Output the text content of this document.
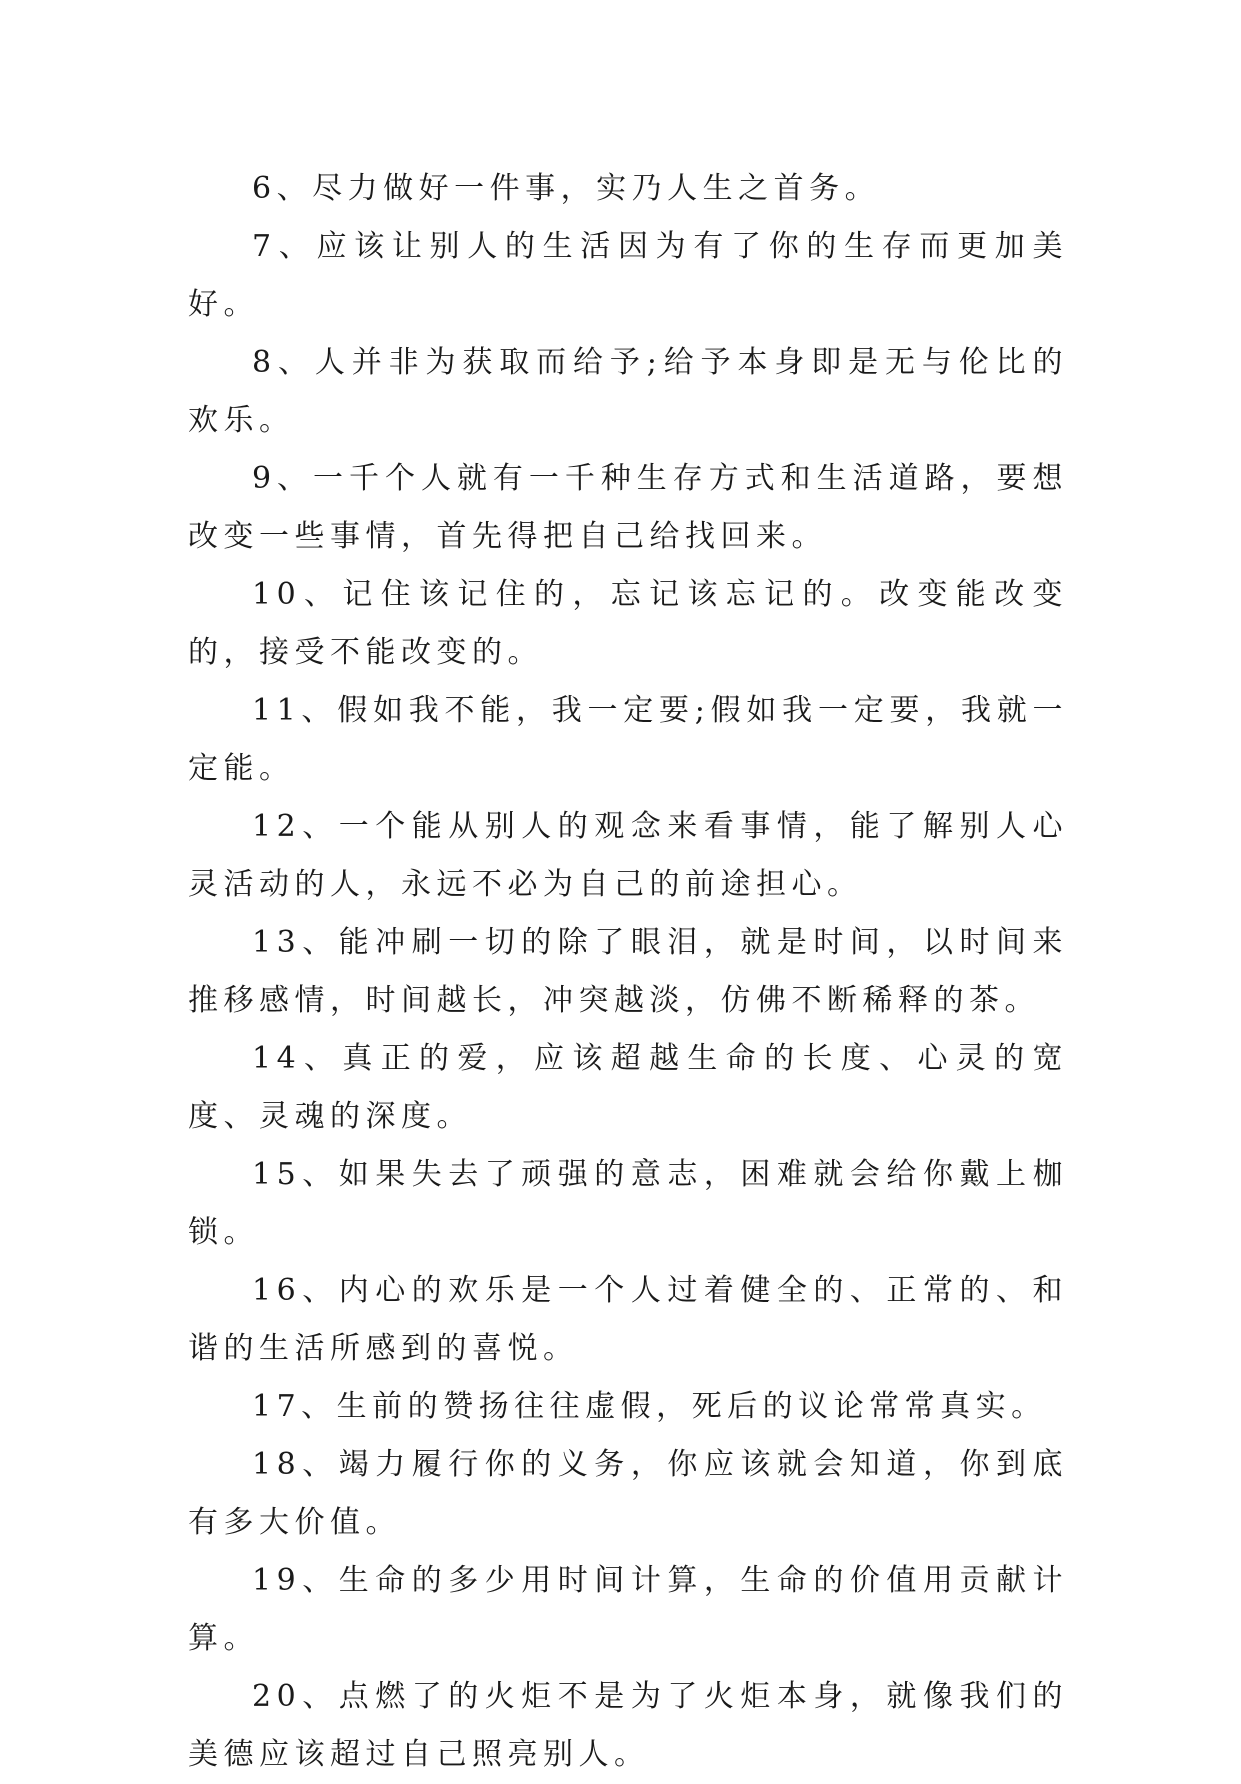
6、尽力做好一件事，实乃人生之首务。

7、应该让别人的生活因为有了你的生存而更加美好。

8、人并非为获取而给予;给予本身即是无与伦比的欢乐。

9、一千个人就有一千种生存方式和生活道路，要想改变一些事情，首先得把自己给找回来。

10、记住该记住的，忘记该忘记的。改变能改变的，接受不能改变的。

11、假如我不能，我一定要;假如我一定要，我就一定能。

12、一个能从别人的观念来看事情，能了解别人心灵活动的人，永远不必为自己的前途担心。

13、能冲刷一切的除了眼泪，就是时间，以时间来推移感情，时间越长，冲突越淡，仿佛不断稀释的茶。

14、真正的爱，应该超越生命的长度、心灵的宽度、灵魂的深度。

15、如果失去了顽强的意志，困难就会给你戴上枷锁。

16、内心的欢乐是一个人过着健全的、正常的、和谐的生活所感到的喜悦。

17、生前的赞扬往往虚假，死后的议论常常真实。

18、竭力履行你的义务，你应该就会知道，你到底有多大价值。

19、生命的多少用时间计算，生命的价值用贡献计算。

20、点燃了的火炬不是为了火炬本身，就像我们的美德应该超过自己照亮别人。
